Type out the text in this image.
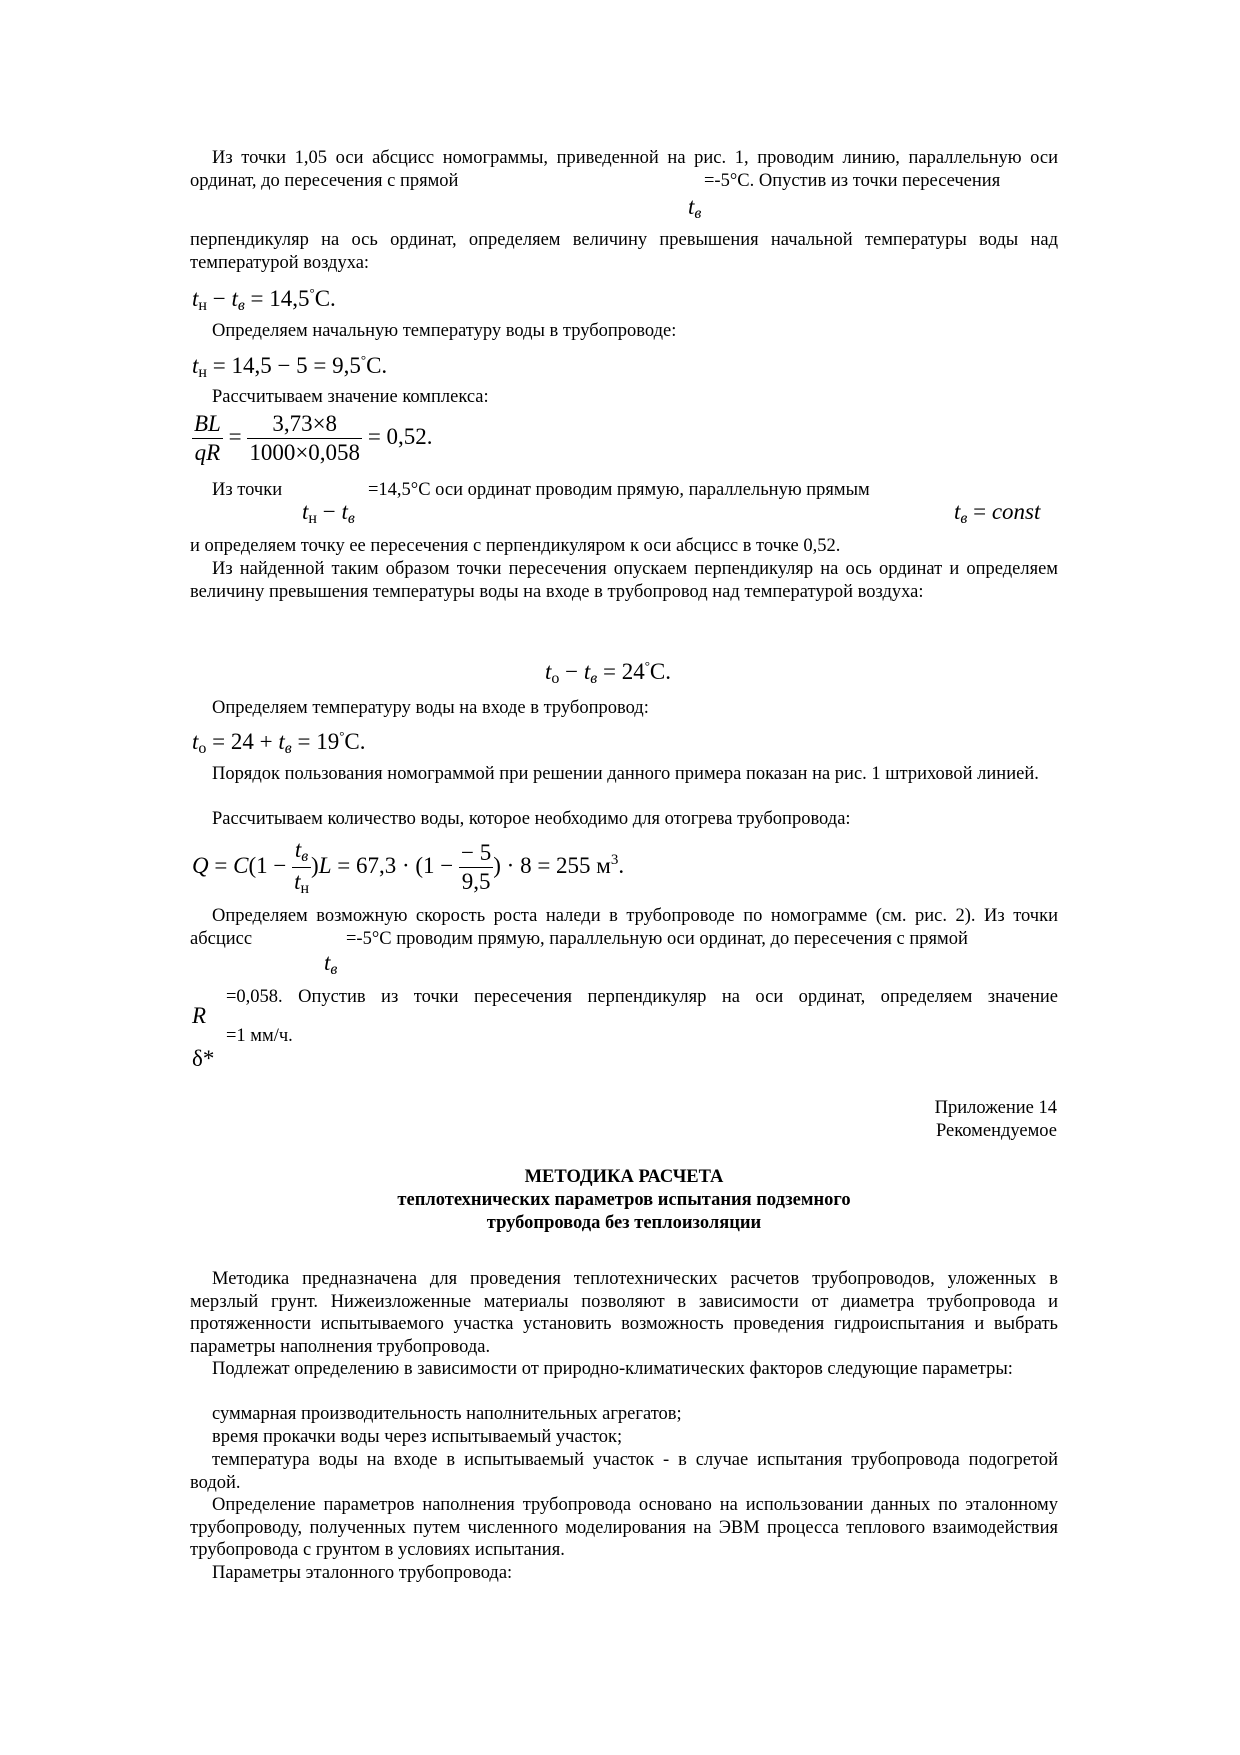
Из точки 1,05 оси абсцисс номограммы, приведенной на рис. 1, проводим линию, параллельную оси ординат, до пересечения с прямой	=-5°С. Опустив из точки пересечения
tв

перпендикуляр на ось ординат, определяем величину превышения начальной температуры воды над температурой воздуха:

tн − tв = 14,5°С.

Определяем начальную температуру воды в трубопроводе:

tн = 14,5 − 5 = 9,5°С.

Рассчитываем значение комплекса:

$\frac{BL}{qR} = \frac{3,73\times 8}{1000\times 0,058} = 0,52$.
Из точки	=14,5°С оси ординат проводим прямую, параллельную прямым
tн − tв	tв = const

и определяем точку ее пересечения с перпендикуляром к оси абсцисс в точке 0,52.

Из найденной таким образом точки пересечения опускаем перпендикуляр на ось ординат и определяем величину превышения температуры воды на входе в трубопровод над температурой воздуха:

tо − tв = 24°С.

Определяем температуру воды на входе в трубопровод:

tо = 24 + tв = 19°С.

Порядок пользования номограммой при решении данного примера показан на рис. 1 штриховой линией.

Рассчитываем количество воды, которое необходимо для отогрева трубопровода:

$Q = C(1 - \frac{tв}{tн} )L = 67,3 \cdot (1 - \frac{- 5}{9,5}$ ) · 8 = 255 $м^3$.

Определяем возможную скорость роста наледи в трубопроводе по номограмме (см. рис. 2). Из точки абсцисс	=-5°С проводим прямую, параллельную оси ординат, до пересечения с прямой
tв
=0,058. Опустив из точки пересечения перпендикуляр на оси ординат, определяем значение
R
=1 мм/ч.
δ*
Приложение 14
Рекомендуемое
МЕТОДИКА РАСЧЕТА
теплотехнических параметров испытания подземного
трубопровода без теплоизоляции

Методика предназначена для проведения теплотехнических расчетов трубопроводов, уложенных в мерзлый грунт. Нижеизложенные материалы позволяют в зависимости от диаметра трубопровода и протяженности испытываемого участка установить возможность проведения гидроиспытания и выбрать параметры наполнения трубопровода.

Подлежат определению в зависимости от природно-климатических факторов следующие параметры:

суммарная производительность наполнительных агрегатов;

время прокачки воды через испытываемый участок;

температура воды на входе в испытываемый участок - в случае испытания трубопровода подогретой водой.

Определение параметров наполнения трубопровода основано на использовании данных по эталонному трубопроводу, полученных путем численного моделирования на ЭВМ процесса теплового взаимодействия трубопровода с грунтом в условиях испытания.

Параметры эталонного трубопровода:
